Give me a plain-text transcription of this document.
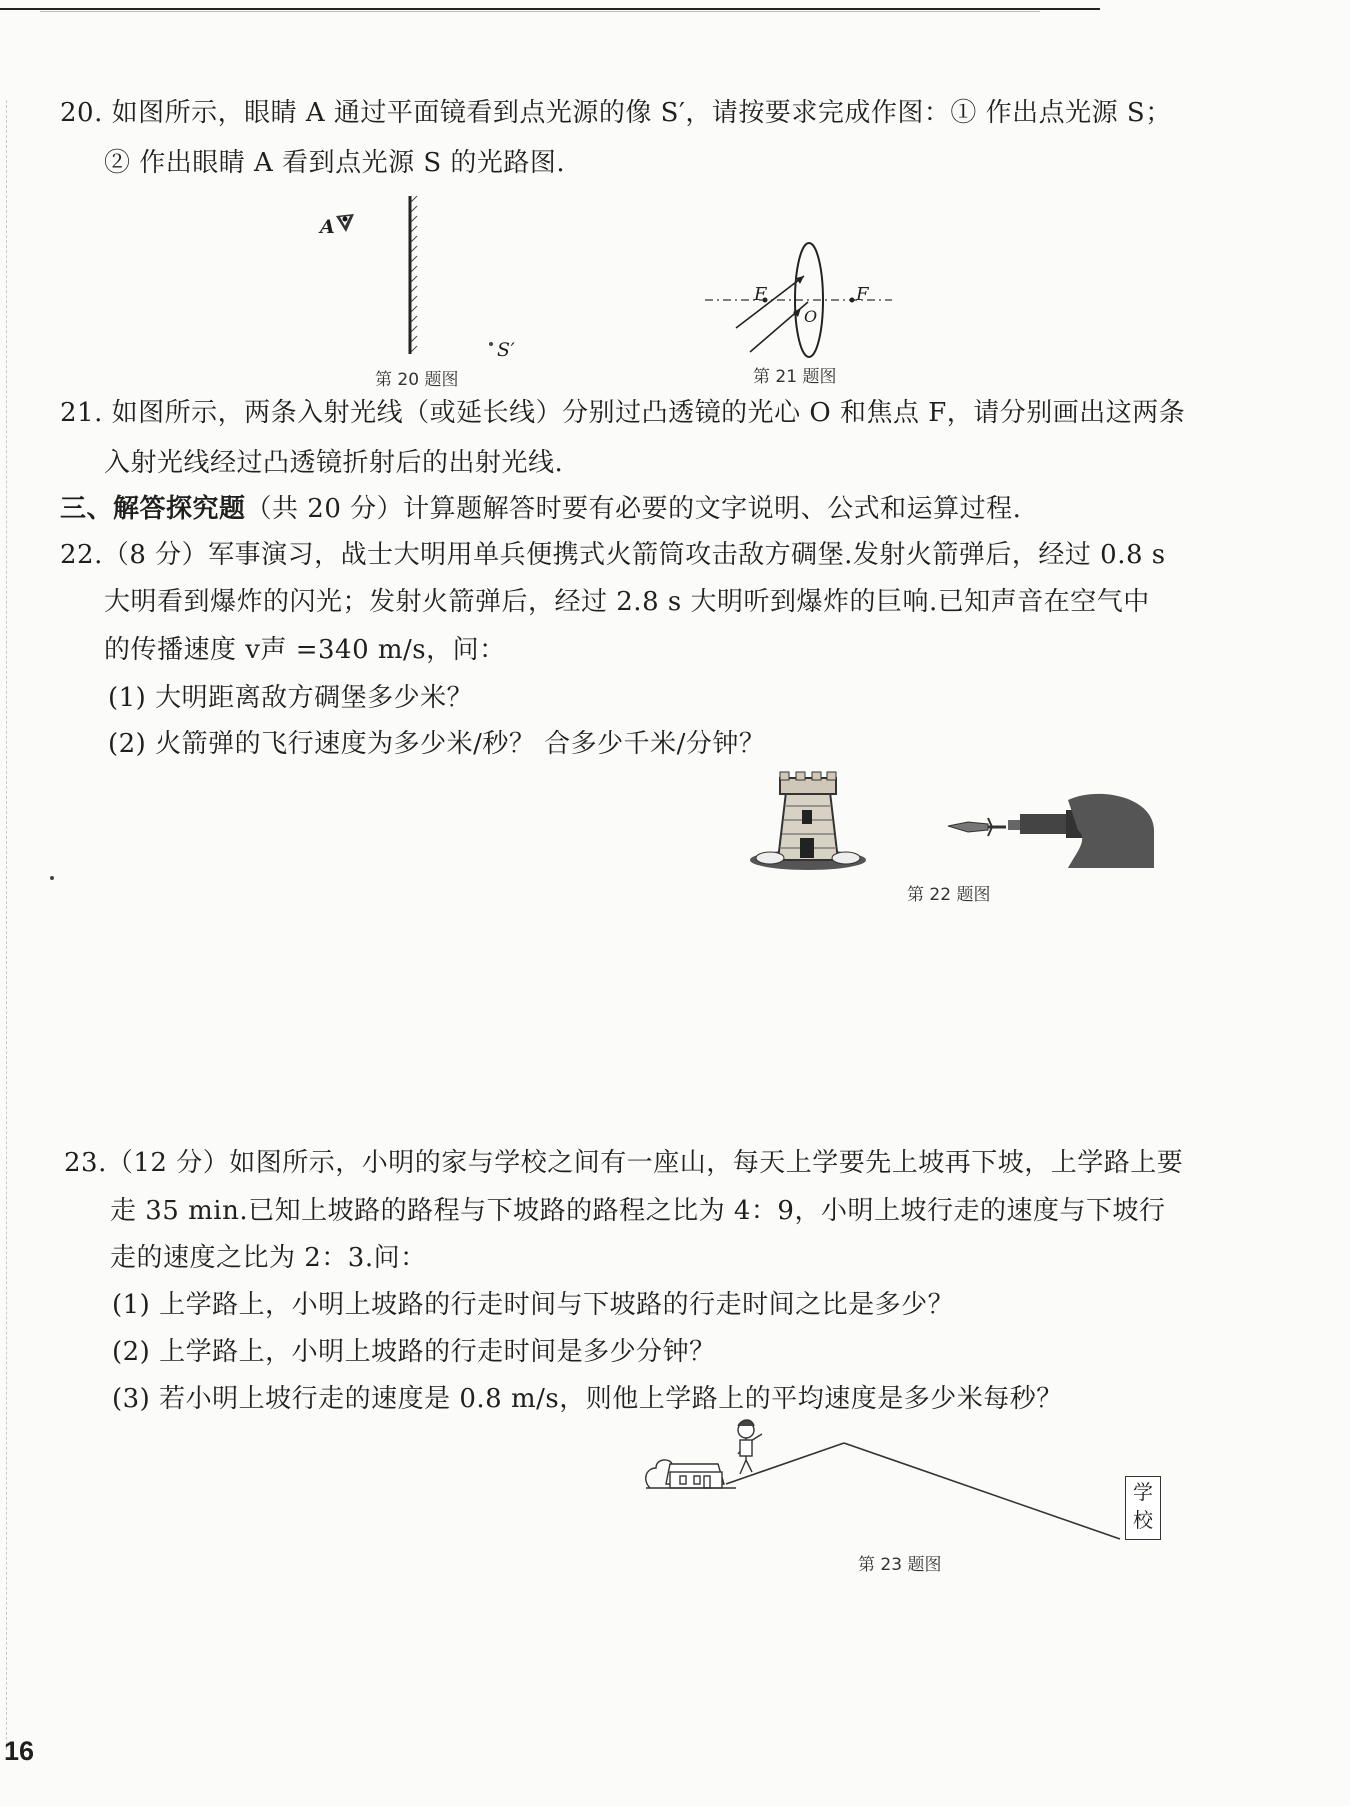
20. 如图所示，眼睛 A 通过平面镜看到点光源的像 S′，请按要求完成作图：① 作出点光源 S；
② 作出眼睛 A 看到点光源 S 的光路图.
A
S′
第 20 题图
F	F
O
第 21 题图
21. 如图所示，两条入射光线（或延长线）分别过凸透镜的光心 O 和焦点 F，请分别画出这两条
入射光线经过凸透镜折射后的出射光线.
三、解答探究题（共 20 分）计算题解答时要有必要的文字说明、公式和运算过程.
22.（8 分）军事演习，战士大明用单兵便携式火箭筒攻击敌方碉堡.发射火箭弹后，经过 0.8 s
大明看到爆炸的闪光；发射火箭弹后，经过 2.8 s 大明听到爆炸的巨响.已知声音在空气中
的传播速度 v声 =340 m/s，问：
(1) 大明距离敌方碉堡多少米？
(2) 火箭弹的飞行速度为多少米/秒？ 合多少千米/分钟？
第 22 题图
23.（12 分）如图所示，小明的家与学校之间有一座山，每天上学要先上坡再下坡，上学路上要
走 35 min.已知上坡路的路程与下坡路的路程之比为 4：9，小明上坡行走的速度与下坡行
走的速度之比为 2：3.问：
(1) 上学路上，小明上坡路的行走时间与下坡路的行走时间之比是多少？
(2) 上学路上，小明上坡路的行走时间是多少分钟？
(3) 若小明上坡行走的速度是 0.8 m/s，则他上学路上的平均速度是多少米每秒？
学
校
第 23 题图
16
